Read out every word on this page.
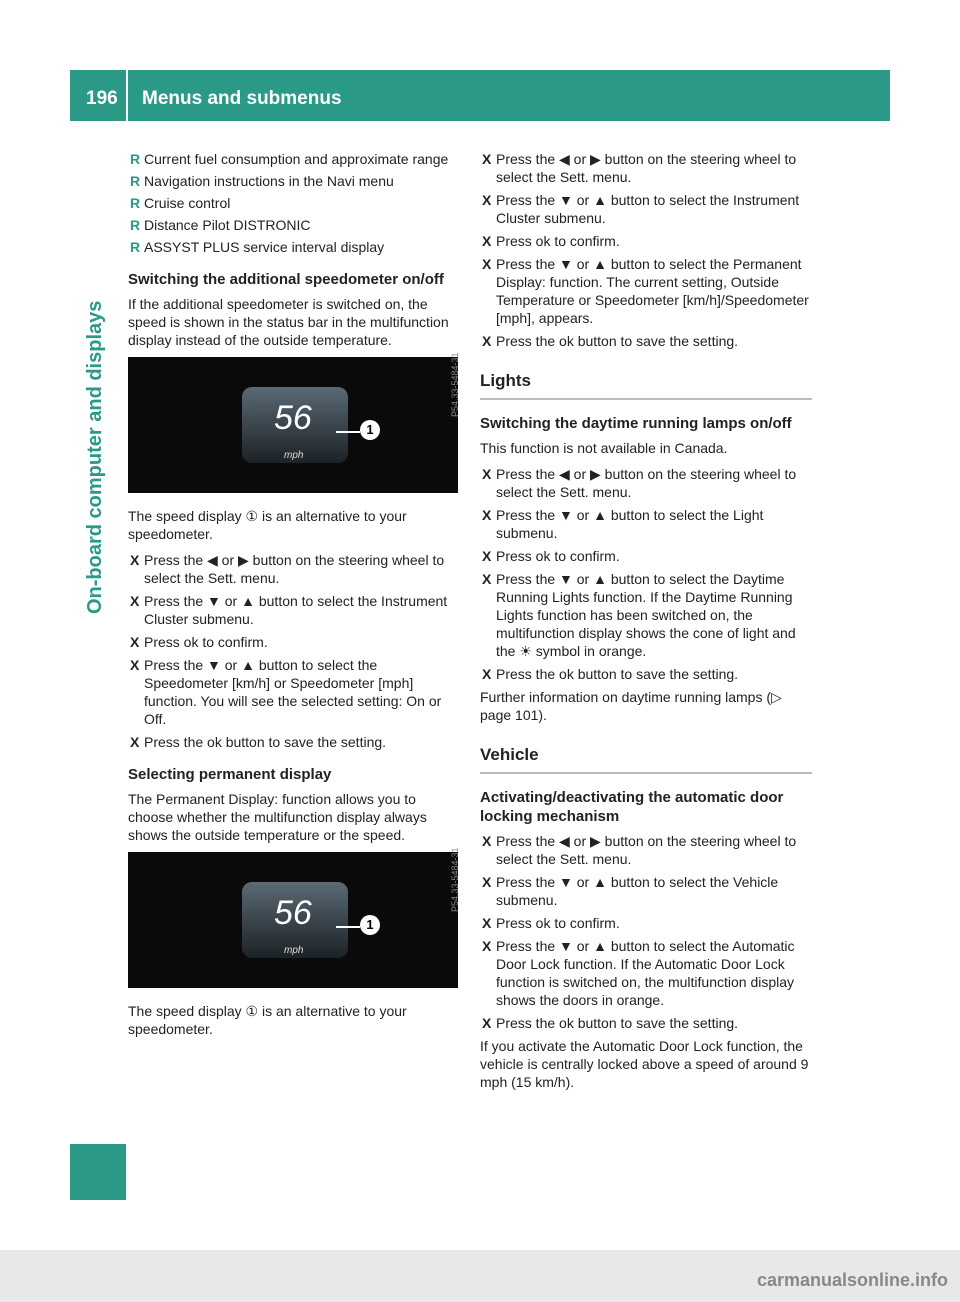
196 Menus and submenus
On-board computer and displays
R Current fuel consumption and approximate range
R Navigation instructions in the Navi menu
R Cruise control
R Distance Pilot DISTRONIC
R ASSYST PLUS service interval display
Switching the additional speedometer on/off

If the additional speedometer is switched on, the speed is shown in the status bar in the multifunction display instead of the outside temperature.

56
mph
1
P54.33-5484-31

The speed display ① is an alternative to your speedometer.

X Press the ◀ or ▶ button on the steering wheel to select the Sett. menu.
X Press the ▼ or ▲ button to select the Instrument Cluster submenu.
X Press ok to confirm.
X Press the ▼ or ▲ button to select the Speedometer [km/h] or Speedometer [mph] function. You will see the selected setting: On or Off.
X Press the ok button to save the setting.
Selecting permanent display

The Permanent Display: function allows you to choose whether the multifunction display always shows the outside temperature or the speed.

56
mph
1
P54.33-5484-31

The speed display ① is an alternative to your speedometer.

X Press the ◀ or ▶ button on the steering wheel to select the Sett. menu.
X Press the ▼ or ▲ button to select the Instrument Cluster submenu.
X Press ok to confirm.
X Press the ▼ or ▲ button to select the Permanent Display: function. The current setting, Outside Temperature or Speedometer [km/h]/Speedometer [mph], appears.
X Press the ok button to save the setting.
Lights
Switching the daytime running lamps on/off

This function is not available in Canada.

X Press the ◀ or ▶ button on the steering wheel to select the Sett. menu.
X Press the ▼ or ▲ button to select the Light submenu.
X Press ok to confirm.
X Press the ▼ or ▲ button to select the Daytime Running Lights function. If the Daytime Running Lights function has been switched on, the multifunction display shows the cone of light and the ☀ symbol in orange.
X Press the ok button to save the setting.

Further information on daytime running lamps (▷ page 101).

Vehicle
Activating/deactivating the automatic door locking mechanism
X Press the ◀ or ▶ button on the steering wheel to select the Sett. menu.
X Press the ▼ or ▲ button to select the Vehicle submenu.
X Press ok to confirm.
X Press the ▼ or ▲ button to select the Automatic Door Lock function. If the Automatic Door Lock function is switched on, the multifunction display shows the doors in orange.
X Press the ok button to save the setting.

If you activate the Automatic Door Lock function, the vehicle is centrally locked above a speed of around 9 mph (15 km/h).

carmanualsonline.info
